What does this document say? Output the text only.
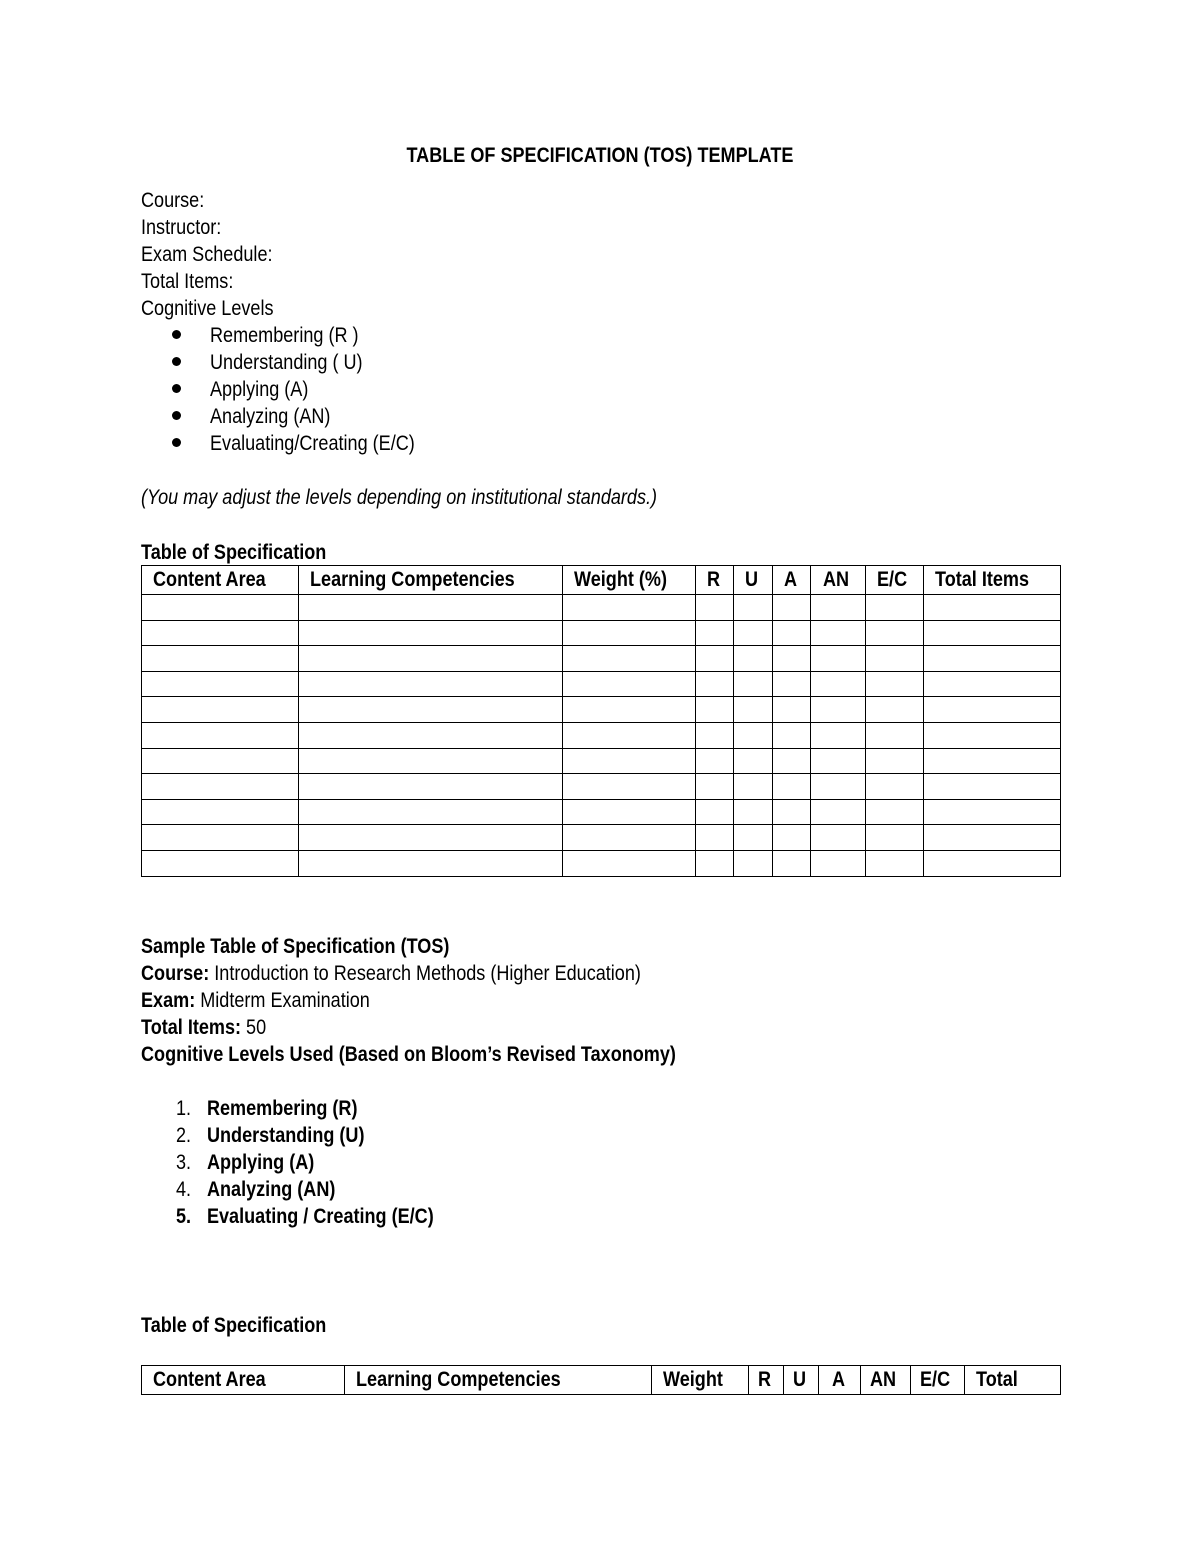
TABLE OF SPECIFICATION (TOS) TEMPLATE
Course:
Instructor:
Exam Schedule:
Total Items:
Cognitive Levels
Remembering (R )
Understanding ( U)
Applying (A)
Analyzing (AN)
Evaluating/Creating (E/C)
(You may adjust the levels depending on institutional standards.)
Table of Specification
Content Area	Learning Competencies	Weight (%)	R	U	A	AN	E/C	Total Items

Sample Table of Specification (TOS)
Course: Introduction to Research Methods (Higher Education)
Exam: Midterm Examination
Total Items: 50
Cognitive Levels Used (Based on Bloom’s Revised Taxonomy)
1. Remembering (R)
2. Understanding (U)
3. Applying (A)
4. Analyzing (AN)
5. Evaluating / Creating (E/C)
Table of Specification
Content Area	Learning Competencies	Weight	R	U	A	AN	E/C	Total
